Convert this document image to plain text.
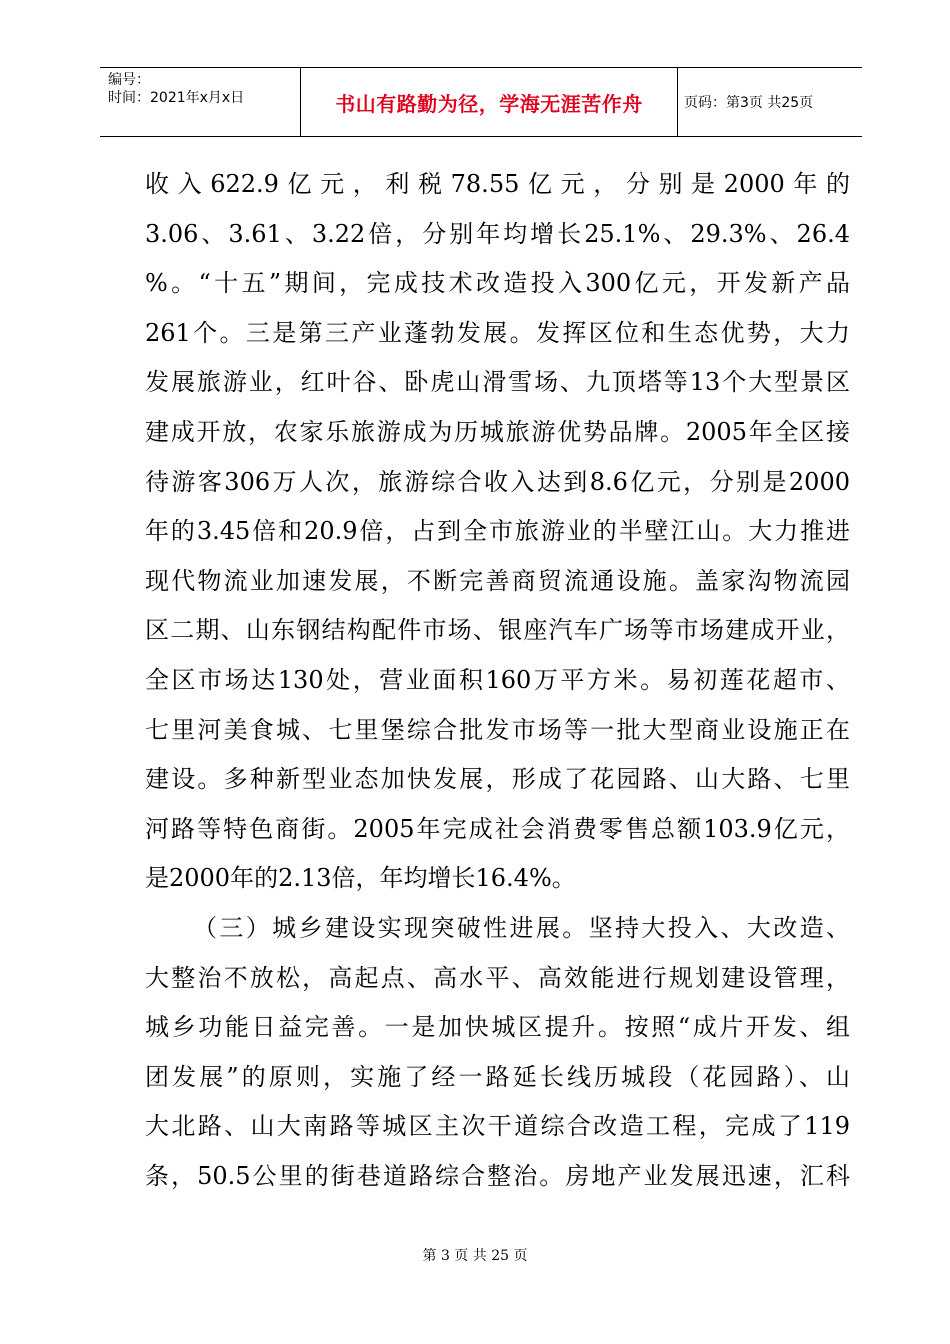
编号：
时间：2021年x月x日	书山有路勤为径，学海无涯苦作舟	页码：第3页 共25页

收入622.9亿元，利税78.55亿元，分别是2000年的

3.06、3.61、3.22倍，分别年均增长25.1%、29.3%、26.4

%。“十五”期间，完成技术改造投入300亿元，开发新产品

261个。三是第三产业蓬勃发展。发挥区位和生态优势，大力

发展旅游业，红叶谷、卧虎山滑雪场、九顶塔等13个大型景区

建成开放，农家乐旅游成为历城旅游优势品牌。2005年全区接

待游客306万人次，旅游综合收入达到8.6亿元，分别是2000

年的3.45倍和20.9倍，占到全市旅游业的半壁江山。大力推进

现代物流业加速发展，不断完善商贸流通设施。盖家沟物流园

区二期、山东钢结构配件市场、银座汽车广场等市场建成开业，

全区市场达130处，营业面积160万平方米。易初莲花超市、

七里河美食城、七里堡综合批发市场等一批大型商业设施正在

建设。多种新型业态加快发展，形成了花园路、山大路、七里

河路等特色商街。2005年完成社会消费零售总额103.9亿元，

是2000年的2.13倍，年均增长16.4%。

（三）城乡建设实现突破性进展。坚持大投入、大改造、

大整治不放松，高起点、高水平、高效能进行规划建设管理，

城乡功能日益完善。一是加快城区提升。按照“成片开发、组

团发展”的原则，实施了经一路延长线历城段（花园路）、山

大北路、山大南路等城区主次干道综合改造工程，完成了119

条，50.5公里的街巷道路综合整治。房地产业发展迅速，汇科

第 3 页 共 25 页
